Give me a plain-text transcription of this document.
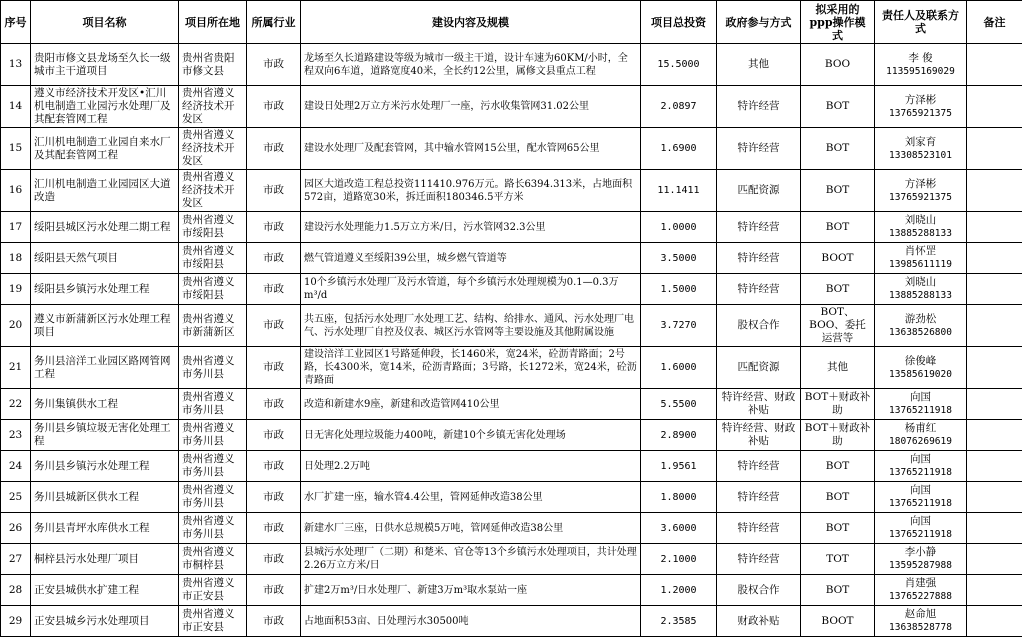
序号	项目名称	项目所在地	所属行业	建设内容及规模	项目总投资	政府参与方式	拟采用的ppp操作模式	责任人及联系方式	备注
13	贵阳市修文县龙场至久长一级城市主干道项目	贵州省贵阳市修文县	市政	龙场至久长道路建设等级为城市一级主干道，设计车速为60KM/小时，全程双向6车道，道路宽度40米，全长约12公里，属修文县重点工程	15.5000	其他	BOO	李 俊
113595169029	

14	遵义市经济技术开发区•汇川机电制造工业园污水处理厂及其配套管网工程	贵州省遵义经济技术开发区	市政	建设日处理2万立方米污水处理厂一座，污水收集管网31.02公里	2.0897	特许经营	BOT	方泽彬
13765921375	

15	汇川机电制造工业园自来水厂及其配套管网工程	贵州省遵义经济技术开发区	市政	建设水处理厂及配套管网，其中输水管网15公里，配水管网65公里	1.6900	特许经营	BOT	刘家育
13308523101	

16	汇川机电制造工业园园区大道改造	贵州省遵义经济技术开发区	市政	园区大道改造工程总投资111410.976万元。路长6394.313米，占地面积572亩，道路宽30米，拆迁面积180346.5平方米	11.1411	匹配资源	BOT	方泽彬
13765921375	

17	绥阳县城区污水处理二期工程	贵州省遵义市绥阳县	市政	建设污水处理能力1.5万立方米/日，污水管网32.3公里	1.0000	特许经营	BOT	刘晓山
13885288133	

18	绥阳县天然气项目	贵州省遵义市绥阳县	市政	燃气管道遵义至绥阳39公里，城乡燃气管道等	3.5000	特许经营	BOOT	肖怀罡
13985611119	

19	绥阳县乡镇污水处理工程	贵州省遵义市绥阳县	市政	10个乡镇污水处理厂及污水管道，每个乡镇污水处理规模为0.1—0.3万m³/d	1.5000	特许经营	BOT	刘晓山
13885288133	

20	遵义市新蒲新区污水处理工程项目	贵州省遵义市新蒲新区	市政	共五座，包括污水处理厂水处理工艺、结构、给排水、通风、污水处理厂电气、污水处理厂自控及仪表、城区污水管网等主要设施及其他附属设施	3.7270	股权合作	BOT、BOO、委托运营等	游劲松
13638526800	

21	务川县涪洋工业园区路网管网工程	贵州省遵义市务川县	市政	建设涪洋工业园区1号路延伸段，长1460米，宽24米，砼沥青路面；2号路，长4300米，宽14米，砼沥青路面；3号路，长1272米，宽24米，砼沥青路面	1.6000	匹配资源	其他	徐俊峰
13585619020	

22	务川集镇供水工程	贵州省遵义市务川县	市政	改造和新建水9座，新建和改造管网410公里	5.5500	特许经营、财政补贴	BOT＋财政补助	向国
13765211918	

23	务川县乡镇垃圾无害化处理工程	贵州省遵义市务川县	市政	日无害化处理垃圾能力400吨，新建10个乡镇无害化处理场	2.8900	特许经营、财政补贴	BOT＋财政补助	杨甫红
18076269619	

24	务川县乡镇污水处理工程	贵州省遵义市务川县	市政	日处理2.2万吨	1.9561	特许经营	BOT	向国
13765211918	

25	务川县城新区供水工程	贵州省遵义市务川县	市政	水厂扩建一座，输水管4.4公里，管网延伸改造38公里	1.8000	特许经营	BOT	向国
13765211918	

26	务川县青坪水库供水工程	贵州省遵义市务川县	市政	新建水厂三座，日供水总规模5万吨，管网延伸改造38公里	3.6000	特许经营	BOT	向国
13765211918	

27	桐梓县污水处理厂项目	贵州省遵义市桐梓县	市政	县城污水处理厂（二期）和楚米、官仓等13个乡镇污水处理项目，共计处理2.26万立方米/日	2.1000	特许经营	TOT	李小静
13595287988	

28	正安县城供水扩建工程	贵州省遵义市正安县	市政	扩建2万m³/日水处理厂、新建3万m³取水泵站一座	1.2000	股权合作	BOT	肖建强
13765227888	

29	正安县城乡污水处理项目	贵州省遵义市正安县	市政	占地面积53亩、日处理污水30500吨	2.3585	财政补贴	BOOT	赵命旭
13638528778	
